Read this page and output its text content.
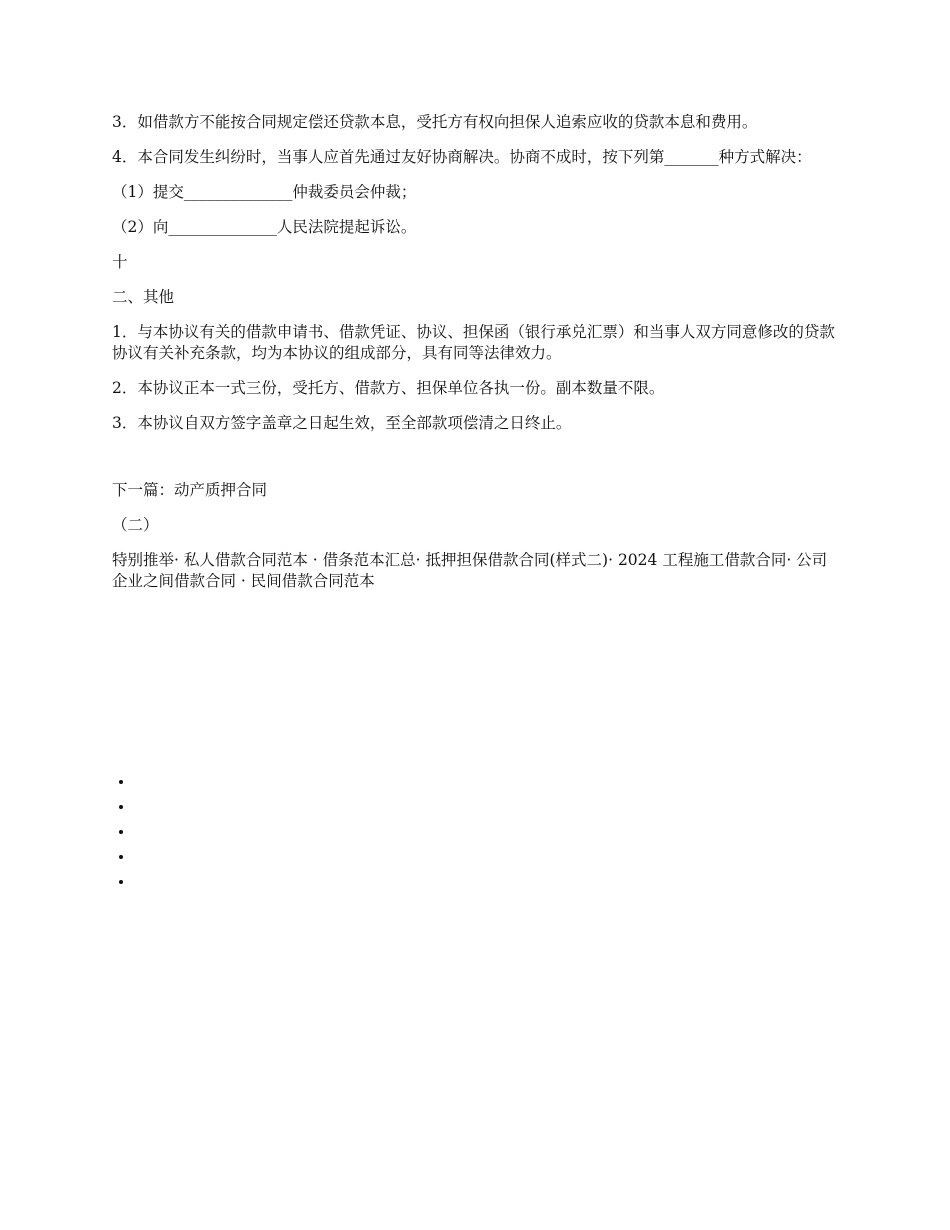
3．如借款方不能按合同规定偿还贷款本息，受托方有权向担保人追索应收的贷款本息和费用。

4．本合同发生纠纷时，当事人应首先通过友好协商解决。协商不成时，按下列第_______种方式解决：

（1）提交______________仲裁委员会仲裁；

（2）向______________人民法院提起诉讼。

十

二、其他

1．与本协议有关的借款申请书、借款凭证、协议、担保函（银行承兑汇票）和当事人双方同意修改的贷款协议有关补充条款，均为本协议的组成部分，具有同等法律效力。

2．本协议正本一式三份，受托方、借款方、担保单位各执一份。副本数量不限。

3．本协议自双方签字盖章之日起生效，至全部款项偿清之日终止。

下一篇：动产质押合同

（二）

特别推举· 私人借款合同范本 · 借条范本汇总· 抵押担保借款合同(样式二)· 2024 工程施工借款合同· 公司企业之间借款合同 · 民间借款合同范本

•
•
•
•
•
